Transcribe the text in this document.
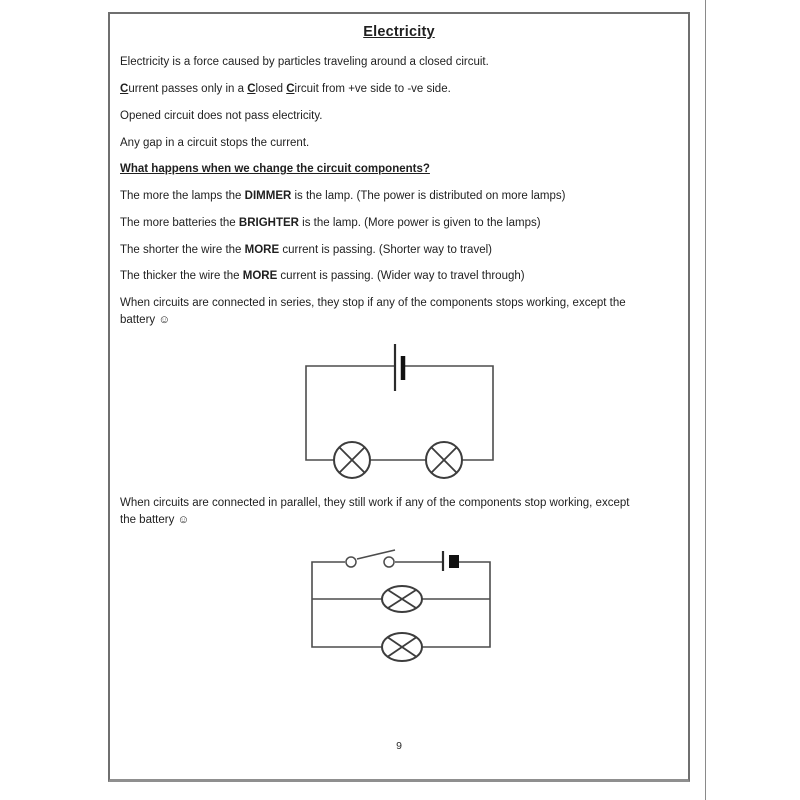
Electricity
Electricity is a force caused by particles traveling around a closed circuit.
Current passes only in a Closed Circuit from +ve side to -ve side.
Opened circuit does not pass electricity.
Any gap in a circuit stops the current.
What happens when we change the circuit components?
The more the lamps the DIMMER is the lamp. (The power is distributed on more lamps)
The more batteries the BRIGHTER is the lamp. (More power is given to the lamps)
The shorter the wire the MORE current is passing. (Shorter way to travel)
The thicker the wire the MORE current is passing. (Wider way to travel through)
When circuits are connected in series, they stop if any of the components stops working, except the
battery ☺
When circuits are connected in parallel, they still work if any of the components stop working, except
the battery ☺
9
